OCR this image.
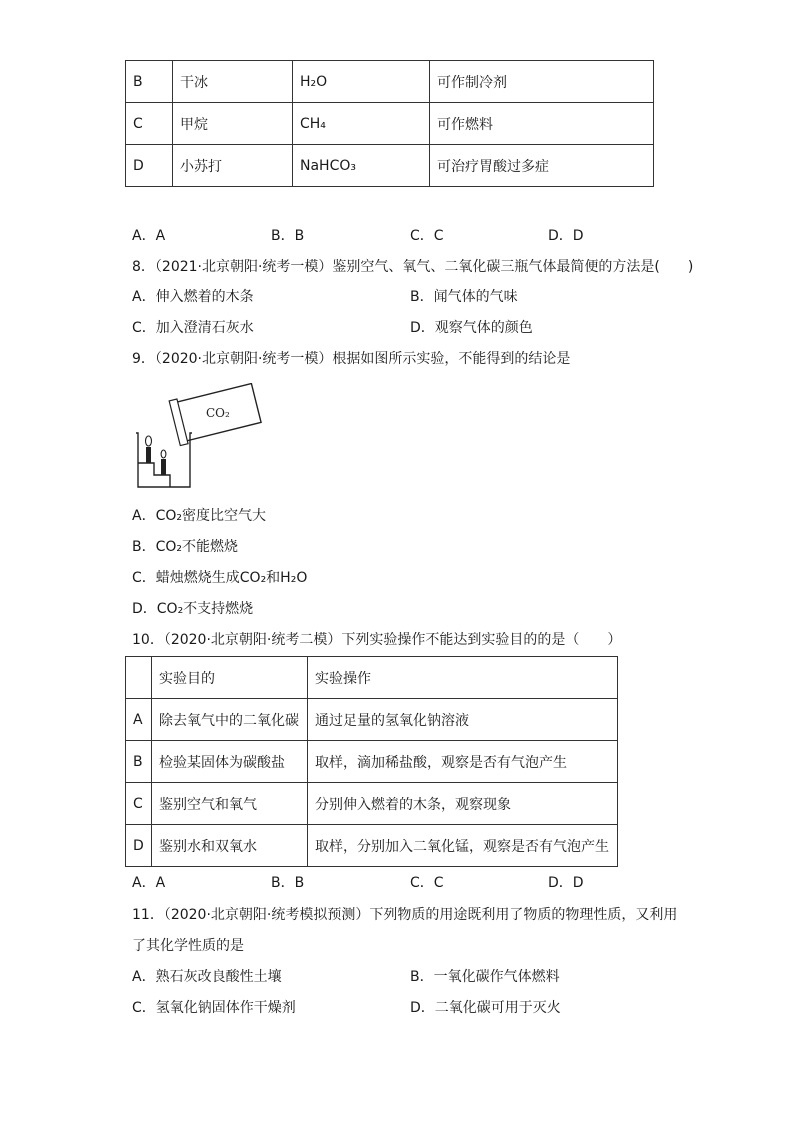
B	干冰	H₂O	可作制冷剂
C	甲烷	CH₄	可作燃料
D	小苏打	NaHCO₃	可治疗胃酸过多症
A．A	B．B	C．C	D．D
8．（2021·北京朝阳·统考一模）鉴别空气、氧气、二氧化碳三瓶气体最简便的方法是(　　)
A．伸入燃着的木条	B．闻气体的气味
C．加入澄清石灰水	D．观察气体的颜色
9．（2020·北京朝阳·统考一模）根据如图所示实验，不能得到的结论是
CO₂
A．CO₂密度比空气大
B．CO₂不能燃烧
C．蜡烛燃烧生成CO₂和H₂O
D．CO₂不支持燃烧
10．（2020·北京朝阳·统考二模）下列实验操作不能达到实验目的的是（　　）
	实验目的	实验操作
A	除去氧气中的二氧化碳	通过足量的氢氧化钠溶液
B	检验某固体为碳酸盐	取样，滴加稀盐酸，观察是否有气泡产生
C	鉴别空气和氧气	分别伸入燃着的木条，观察现象
D	鉴别水和双氧水	取样，分别加入二氧化锰，观察是否有气泡产生
A．A	B．B	C．C	D．D
11．（2020·北京朝阳·统考模拟预测）下列物质的用途既利用了物质的物理性质，又利用
了其化学性质的是
A．熟石灰改良酸性土壤	B．一氧化碳作气体燃料
C．氢氧化钠固体作干燥剂	D．二氧化碳可用于灭火
